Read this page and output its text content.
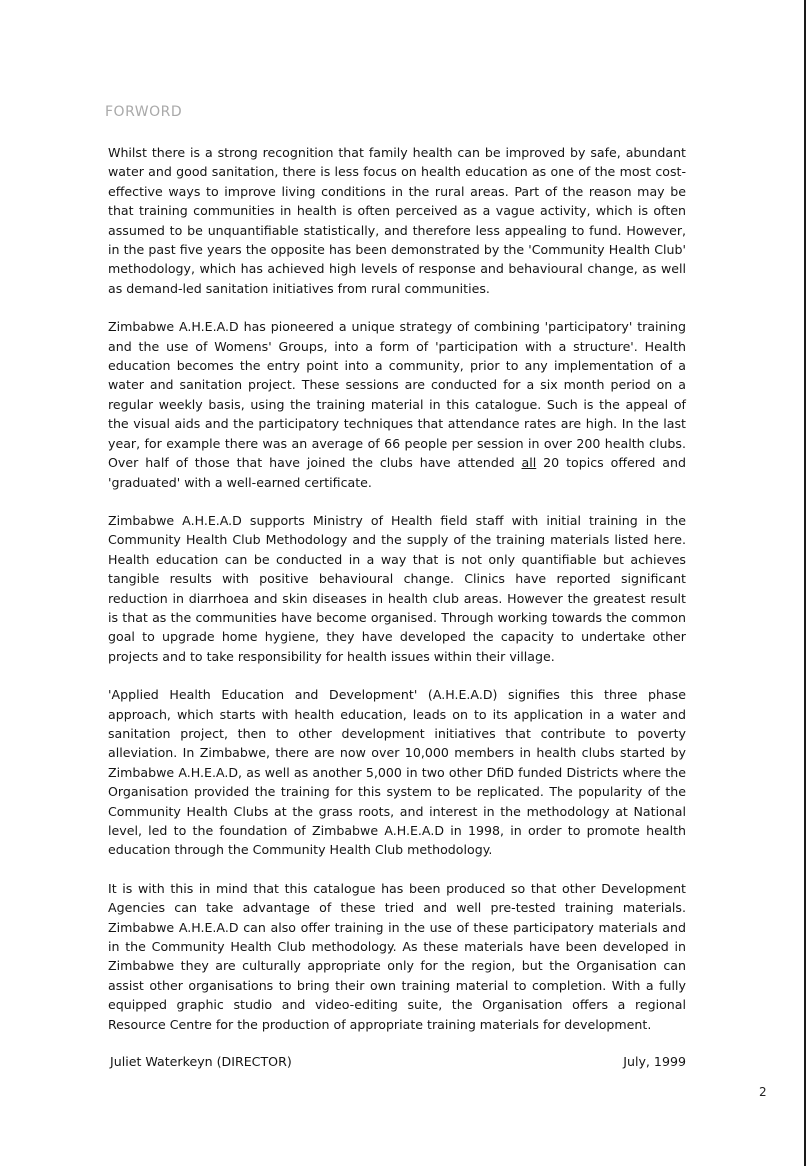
FORWORD

Whilst there is a strong recognition that family health can be improved by safe, abundant water and good sanitation, there is less focus on health education as one of the most cost-effective ways to improve living conditions in the rural areas. Part of the reason may be that training communities in health is often perceived as a vague activity, which is often assumed to be unquantifiable statistically, and therefore less appealing to fund. However, in the past five years the opposite has been demonstrated by the 'Community Health Club' methodology, which has achieved high levels of response and behavioural change, as well as demand-led sanitation initiatives from rural communities.

Zimbabwe A.H.E.A.D has pioneered a unique strategy of combining 'participatory' training and the use of Womens' Groups, into a form of 'participation with a structure'. Health education becomes the entry point into a community, prior to any implementation of a water and sanitation project. These sessions are conducted for a six month period on a regular weekly basis, using the training material in this catalogue. Such is the appeal of the visual aids and the participatory techniques that attendance rates are high. In the last year, for example there was an average of 66 people per session in over 200 health clubs. Over half of those that have joined the clubs have attended all 20 topics offered and 'graduated' with a well-earned certificate.

Zimbabwe A.H.E.A.D supports Ministry of Health field staff with initial training in the Community Health Club Methodology and the supply of the training materials listed here. Health education can be conducted in a way that is not only quantifiable but achieves tangible results with positive behavioural change. Clinics have reported significant reduction in diarrhoea and skin diseases in health club areas. However the greatest result is that as the communities have become organised. Through working towards the common goal to upgrade home hygiene, they have developed the capacity to undertake other projects and to take responsibility for health issues within their village.

'Applied Health Education and Development' (A.H.E.A.D) signifies this three phase approach, which starts with health education, leads on to its application in a water and sanitation project, then to other development initiatives that contribute to poverty alleviation. In Zimbabwe, there are now over 10,000 members in health clubs started by Zimbabwe A.H.E.A.D, as well as another 5,000 in two other DfiD funded Districts where the Organisation provided the training for this system to be replicated. The popularity of the Community Health Clubs at the grass roots, and interest in the methodology at National level, led to the foundation of Zimbabwe A.H.E.A.D in 1998, in order to promote health education through the Community Health Club methodology.

It is with this in mind that this catalogue has been produced so that other Development Agencies can take advantage of these tried and well pre-tested training materials. Zimbabwe A.H.E.A.D can also offer training in the use of these participatory materials and in the Community Health Club methodology. As these materials have been developed in Zimbabwe they are culturally appropriate only for the region, but the Organisation can assist other organisations to bring their own training material to completion. With a fully equipped graphic studio and video-editing suite, the Organisation offers a regional Resource Centre for the production of appropriate training materials for development.

Juliet Waterkeyn (DIRECTOR)	July, 1999
2
